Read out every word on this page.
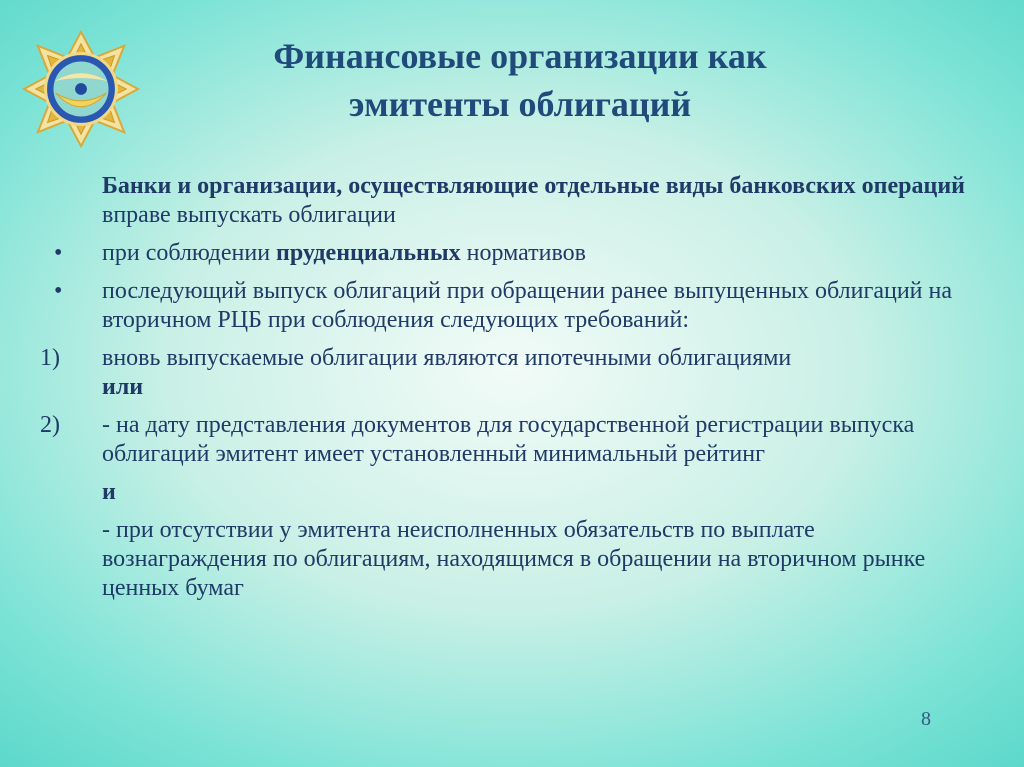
Финансовые организации как
эмитенты облигаций
Банки и организации, осуществляющие отдельные виды банковских операций вправе выпускать облигации
•	при соблюдении пруденциальных нормативов
•	последующий выпуск облигаций при обращении ранее выпущенных облигаций на вторичном РЦБ при соблюдения следующих требований:
1)	вновь выпускаемые облигации являются ипотечными облигациями
или
2)	- на дату представления документов для государственной регистрации выпуска облигаций эмитент имеет установленный минимальный рейтинг
и
- при отсутствии у эмитента неисполненных обязательств по выплате вознаграждения по облигациям, находящимся в обращении на вторичном рынке ценных бумаг
8
